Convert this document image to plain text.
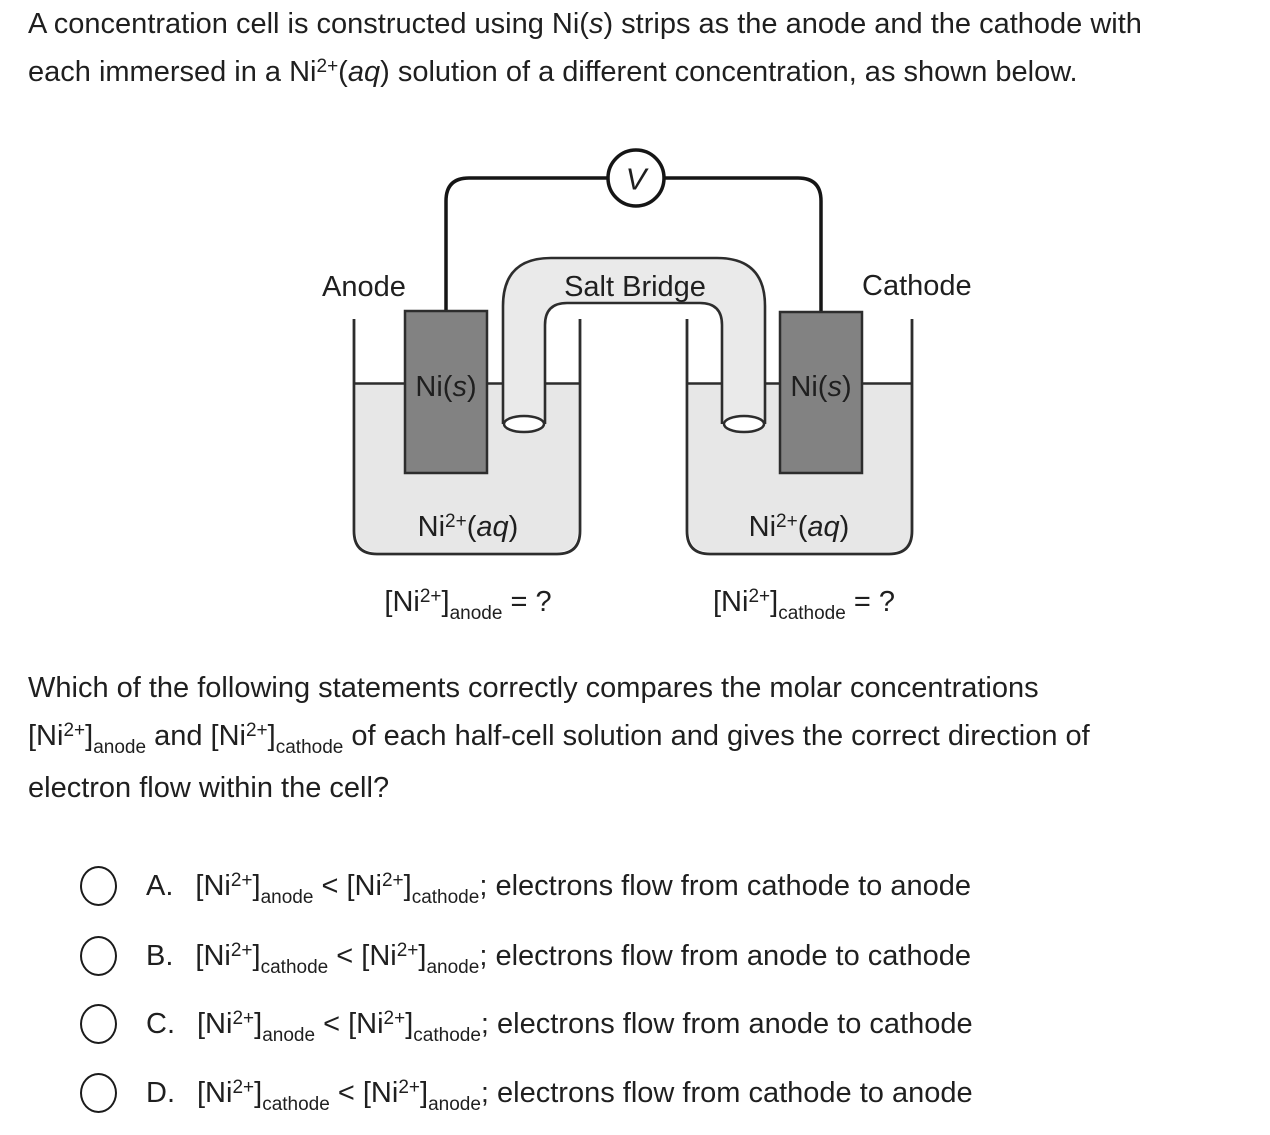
A concentration cell is constructed using Ni(s) strips as the anode and the cathode with
each immersed in a $Ni^{2+}(aq)$ solution of a different concentration, as shown below.
V
Anode	Salt Bridge	Cathode
Ni(s)	Ni(s)
$Ni^{2+}(aq)$	$Ni^{2+}(aq)$
$[Ni^{2+}]_{anode}$ = ?	$[Ni^{2+}]_{cathode}$ = ?
Which of the following statements correctly compares the molar concentrations
$[Ni^{2+}]_{anode}$ and $[Ni^{2+}]_{cathode}$ of each half-cell solution and gives the correct direction of
electron flow within the cell?
A. $[Ni^{2+}]_{anode} < [Ni^{2+}]_{cathode}$; electrons flow from cathode to anode
B. $[Ni^{2+}]_{cathode} < [Ni^{2+}]_{anode}$; electrons flow from anode to cathode
C. $[Ni^{2+}]_{anode} < [Ni^{2+}]_{cathode}$; electrons flow from anode to cathode
D. $[Ni^{2+}]_{cathode} < [Ni^{2+}]_{anode}$; electrons flow from cathode to anode
